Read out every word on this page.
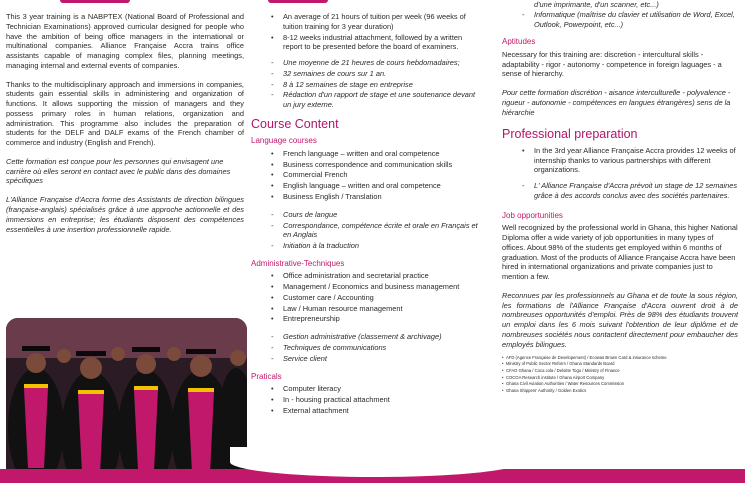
This 3 year training is a NABPTEX (National Board of Professional and Technician Examinations) approved curricular designed for people who have the ambition of being office managers in the international or multinational companies. Alliance Française Accra trains office assistants capable of managing complex files, planning meetings, managing internal and external events of companies.

Thanks to the multidisciplinary approach and immersions in companies, students gain essential skills in administering and organization of functions. It allows supporting the mission of managers and they possess primary roles in human relations, organization and administration. This programme also includes the preparation of students for the DELF and DALF exams of the French chamber of commerce and industry (English and French).

Cette formation est conçue pour les personnes qui envisagent une carrière où elles seront en contact avec le public dans des domaines spécifiques

L'Alliance Française d'Accra forme des Assistants de direction bilingues (française-anglais) spécialisés grâce à une approche actionnelle et des immersions en entreprise; les étudiants disposent des compétences essentielles à une insertion professionnelle rapide.

• An average of 21 hours of tuition per week (96 weeks of tuition training for 3 year duration)
• 8-12 weeks industrial attachment, followed by a written report to be presented before the board of examiners.
- Une moyenne de 21 heures de cours hebdomadaires;
- 32 semaines de cours sur 1 an.
- 8 à 12 semaines de stage en entreprise
- Rédaction d'un rapport de stage et une soutenance devant un jury externe.
Course Content
Language courses
• French language – written and oral competence
• Business correspondence and communication skills
• Commercial French
• English language – written and oral competence
• Business English / Translation
- Cours de langue
- Correspondance, compétence écrite et orale en Français et en Anglais
- Initiation à la traduction
Administrative-Techniques
• Office administration and secretarial practice
• Management / Economics and business management
• Customer care / Accounting
• Law / Human resource management
• Entrepreneurship
- Gestion administrative (classement & archivage)
- Techniques de communications
- Service client
Praticals
• Computer literacy
• In - housing practical attachment
• External attachment
d'une imprimante, d'un scanner, etc...)
- Informatique (maîtrise du clavier et utilisation de Word, Excel, Outlook, Powerpoint, etc...)
Aptitudes

Necessary for this training are: discretion - intercultural skills - adaptability - rigor - autonomy - competence in foreign laguages - a sense of hierarchy.

Pour cette formation discrétion - aisance interculturelle - polyvalence - rigueur - autonomie - compétences en langues étrangères) sens de la hiérarchie

Professional preparation
• In the 3rd year Alliance Française Accra provides 12 weeks of internship thanks to various partnerships with different organizations.
- L' Alliance Française d'Accra prévoit un stage de 12 semaines grâce à des accords conclus avec des sociétés partenaires.
Job opportunities

Well recognized by the professional world in Ghana, this higher National Diploma offer a wide variety of job opportunities in many types of offices. About 98% of the students get employed within 6 months of graduation. Most of the products of Alliance Française Accra have been hired in international organizations and private companies just to mention a few.

Reconnues par les professionnels au Ghana et de toute la sous région, les formations de l'Alliance Française d'Accra ouvrent droit à de nombreuses opportunités d'emploi. Près de 98% des étudiants trouvent un emploi dans les 6 mois suivant l'obtention de leur diplôme et de nombreuses sociétés nous contactent directement pour embaucher des employés bilingues.

• AFD (Agence Française de Developement) / Ecowas Brown Card & insurance scheme
• Ministry of Public Sector Reform / Ghana Standards Board
• CFAO Ghana / Coca cola / Deloitte Togo / Ministry of Finance
• COCOA Research institute / Ghana Airport Company
• Ghana Civil Aviation Authorities / Water Resources Commission
• Ghana Shippers' Authority / Golden Exotics
